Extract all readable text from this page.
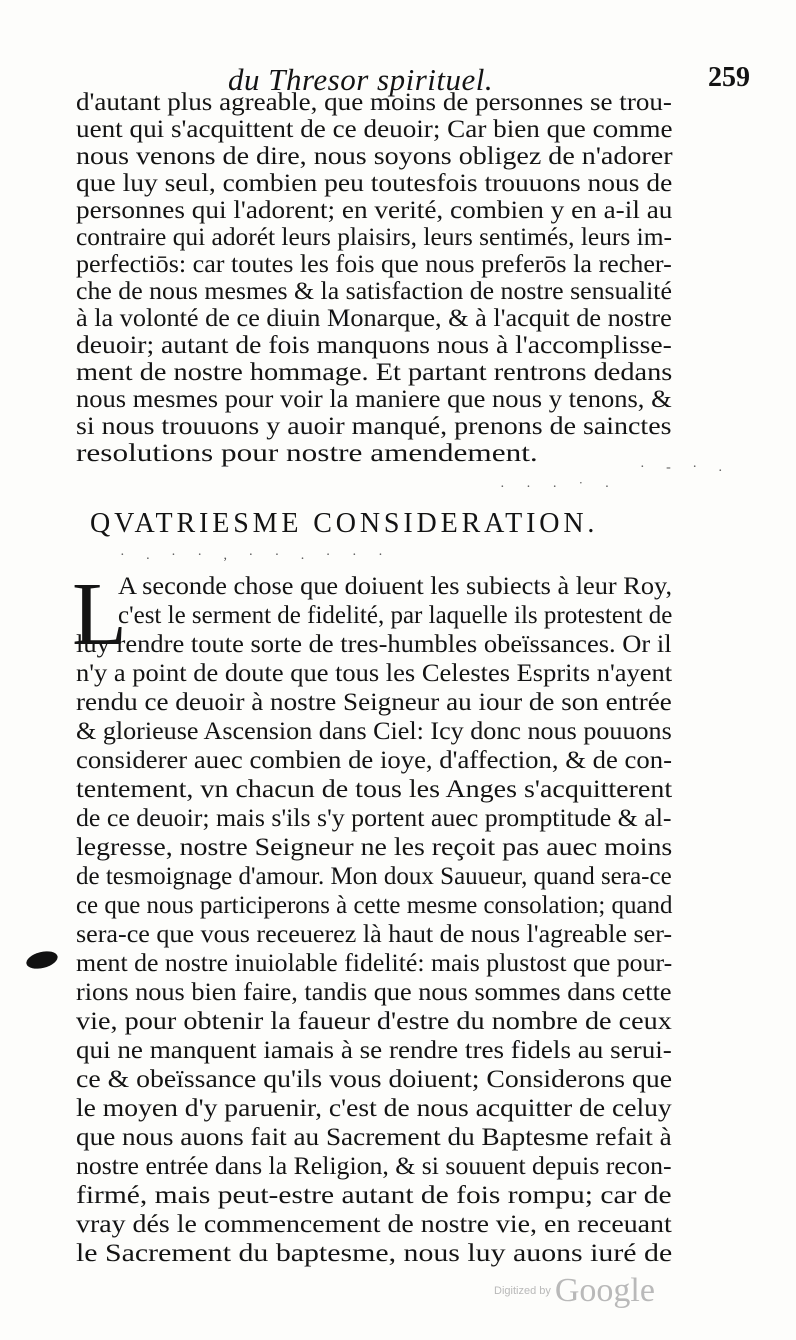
du Thresor spirituel.	259
d'autant plus agreable, que moins de personnes se trou-
uent qui s'acquittent de ce deuoir; Car bien que comme
nous venons de dire, nous soyons obligez de n'adorer
que luy seul, combien peu toutesfois trouuons nous de
personnes qui l'adorent; en verité, combien y en a-il au
contraire qui adorét leurs plaisirs, leurs sentimés, leurs im-
perfectiōs: car toutes les fois que nous preferōs la recher-
che de nous mesmes & la satisfaction de nostre sensualité
à la volonté de ce diuin Monarque, & à l'acquit de nostre
deuoir; autant de fois manquons nous à l'accomplisse-
ment de nostre hommage. Et partant rentrons dedans
nous mesmes pour voir la maniere que nous y tenons, &
si nous trouuons y auoir manqué, prenons de sainctes
resolutions pour nostre amendement.
QVATRIESME CONSIDERATION.
· · · ˙ ·
· . · · , · · . · · ·
· - · .
L
A seconde chose que doiuent les subiects à leur Roy,
c'est le serment de fidelité, par laquelle ils protestent de
luy rendre toute sorte de tres-humbles obeïssances. Or il
n'y a point de doute que tous les Celestes Esprits n'ayent
rendu ce deuoir à nostre Seigneur au iour de son entrée
& glorieuse Ascension dans Ciel: Icy donc nous pouuons
considerer auec combien de ioye, d'affection, & de con-
tentement, vn chacun de tous les Anges s'acquitterent
de ce deuoir; mais s'ils s'y portent auec promptitude & al-
legresse, nostre Seigneur ne les reçoit pas auec moins
de tesmoignage d'amour. Mon doux Sauueur, quand sera-ce
ce que nous participerons à cette mesme consolation; quand
sera-ce que vous receuerez là haut de nous l'agreable ser-
ment de nostre inuiolable fidelité: mais plustost que pour-
rions nous bien faire, tandis que nous sommes dans cette
vie, pour obtenir la faueur d'estre du nombre de ceux
qui ne manquent iamais à se rendre tres fidels au serui-
ce & obeïssance qu'ils vous doiuent; Considerons que
le moyen d'y paruenir, c'est de nous acquitter de celuy
que nous auons fait au Sacrement du Baptesme refait à
nostre entrée dans la Religion, & si souuent depuis recon-
firmé, mais peut-estre autant de fois rompu; car de
vray dés le commencement de nostre vie, en receuant
le Sacrement du baptesme, nous luy auons iuré de
Digitized by Google
